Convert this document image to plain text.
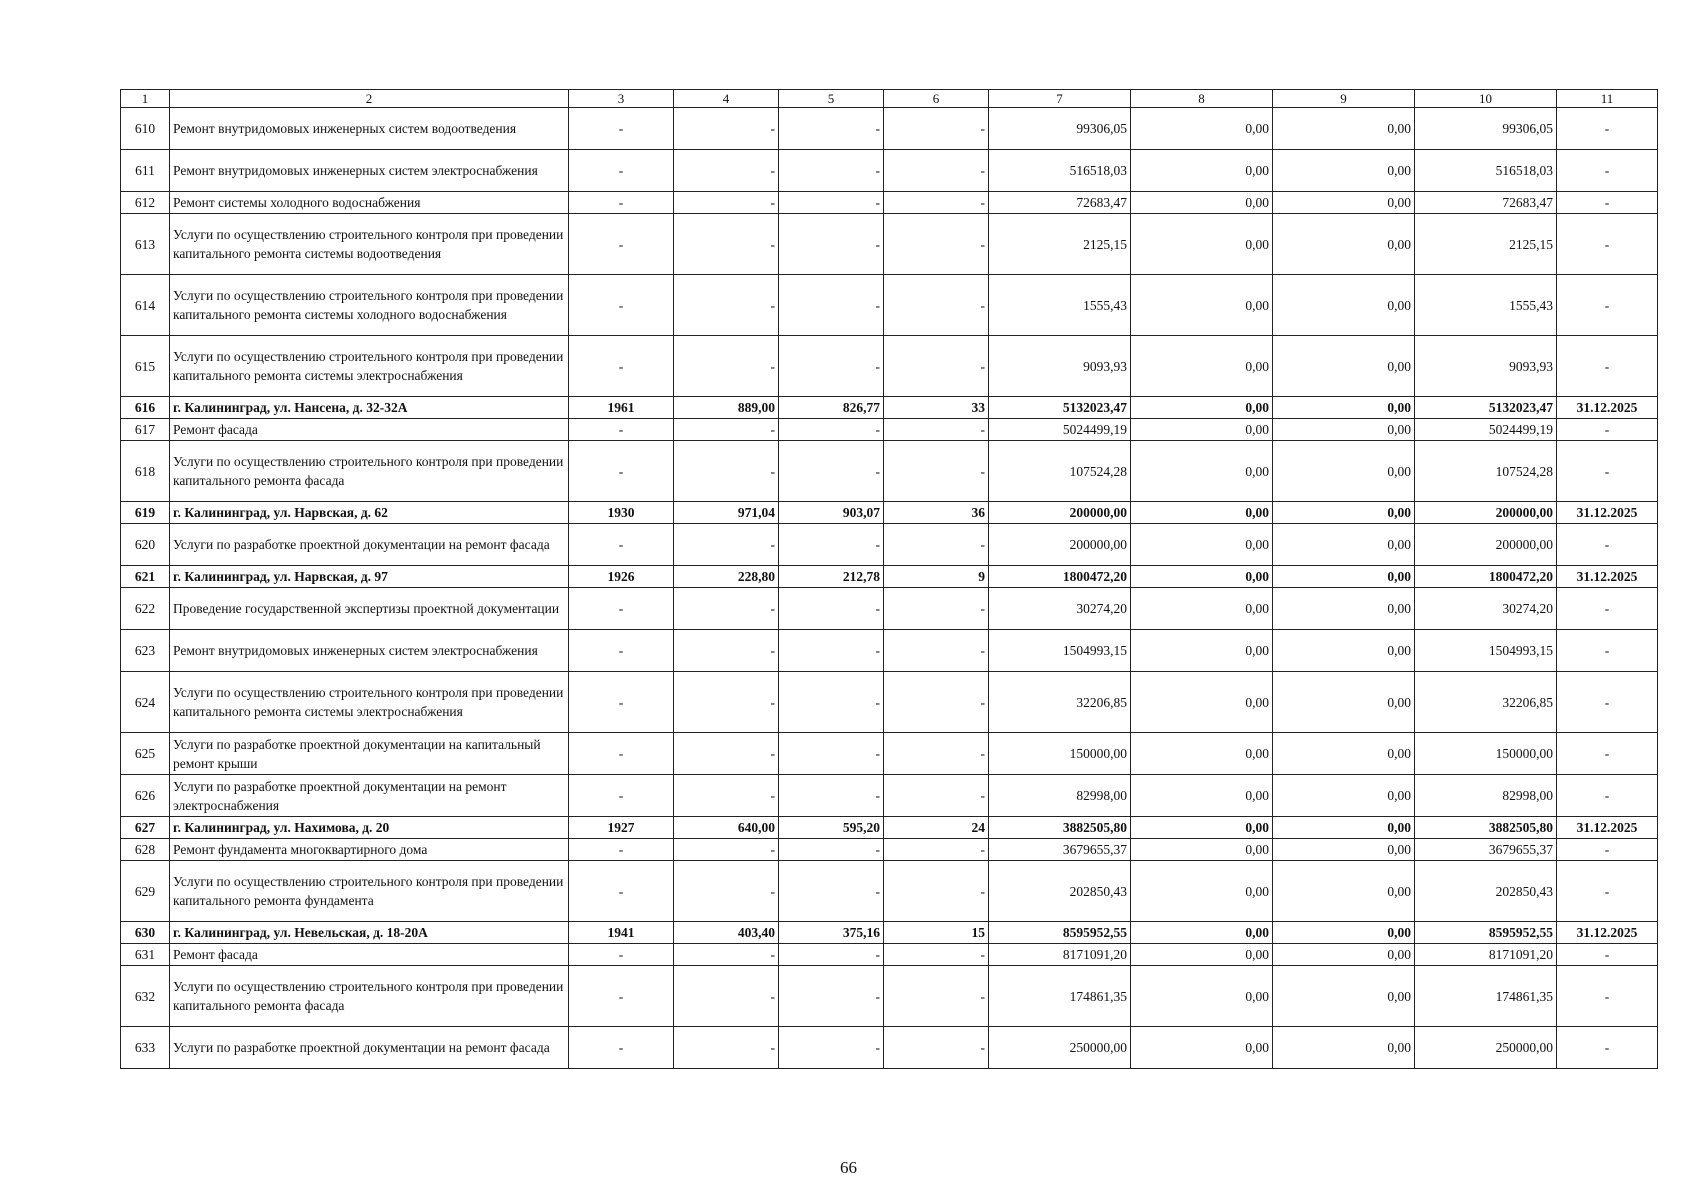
1	2	3	4	5	6	7	8	9	10	11
610	Ремонт внутридомовых инженерных систем водоотведения	-	-	-	-	99306,05	0,00	0,00	99306,05	-
611	Ремонт внутридомовых инженерных систем электроснабжения	-	-	-	-	516518,03	0,00	0,00	516518,03	-
612	Ремонт системы холодного водоснабжения	-	-	-	-	72683,47	0,00	0,00	72683,47	-
613	Услуги по осуществлению строительного контроля при проведении капитального ремонта системы водоотведения	-	-	-	-	2125,15	0,00	0,00	2125,15	-
614	Услуги по осуществлению строительного контроля при проведении капитального ремонта системы холодного водоснабжения	-	-	-	-	1555,43	0,00	0,00	1555,43	-
615	Услуги по осуществлению строительного контроля при проведении капитального ремонта системы электроснабжения	-	-	-	-	9093,93	0,00	0,00	9093,93	-
616	г. Калининград, ул. Нансена, д. 32-32А	1961	889,00	826,77	33	5132023,47	0,00	0,00	5132023,47	31.12.2025
617	Ремонт фасада	-	-	-	-	5024499,19	0,00	0,00	5024499,19	-
618	Услуги по осуществлению строительного контроля при проведении капитального ремонта фасада	-	-	-	-	107524,28	0,00	0,00	107524,28	-
619	г. Калининград, ул. Нарвская, д. 62	1930	971,04	903,07	36	200000,00	0,00	0,00	200000,00	31.12.2025
620	Услуги по разработке проектной документации на ремонт фасада	-	-	-	-	200000,00	0,00	0,00	200000,00	-
621	г. Калининград, ул. Нарвская, д. 97	1926	228,80	212,78	9	1800472,20	0,00	0,00	1800472,20	31.12.2025
622	Проведение государственной экспертизы проектной документации	-	-	-	-	30274,20	0,00	0,00	30274,20	-
623	Ремонт внутридомовых инженерных систем электроснабжения	-	-	-	-	1504993,15	0,00	0,00	1504993,15	-
624	Услуги по осуществлению строительного контроля при проведении капитального ремонта системы электроснабжения	-	-	-	-	32206,85	0,00	0,00	32206,85	-
625	Услуги по разработке проектной документации на капитальный ремонт крыши	-	-	-	-	150000,00	0,00	0,00	150000,00	-
626	Услуги по разработке проектной документации на ремонт электроснабжения	-	-	-	-	82998,00	0,00	0,00	82998,00	-
627	г. Калининград, ул. Нахимова, д. 20	1927	640,00	595,20	24	3882505,80	0,00	0,00	3882505,80	31.12.2025
628	Ремонт фундамента многоквартирного дома	-	-	-	-	3679655,37	0,00	0,00	3679655,37	-
629	Услуги по осуществлению строительного контроля при проведении капитального ремонта фундамента	-	-	-	-	202850,43	0,00	0,00	202850,43	-
630	г. Калининград, ул. Невельская, д. 18-20А	1941	403,40	375,16	15	8595952,55	0,00	0,00	8595952,55	31.12.2025
631	Ремонт фасада	-	-	-	-	8171091,20	0,00	0,00	8171091,20	-
632	Услуги по осуществлению строительного контроля при проведении капитального ремонта фасада	-	-	-	-	174861,35	0,00	0,00	174861,35	-
633	Услуги по разработке проектной документации на ремонт фасада	-	-	-	-	250000,00	0,00	0,00	250000,00	-
66
